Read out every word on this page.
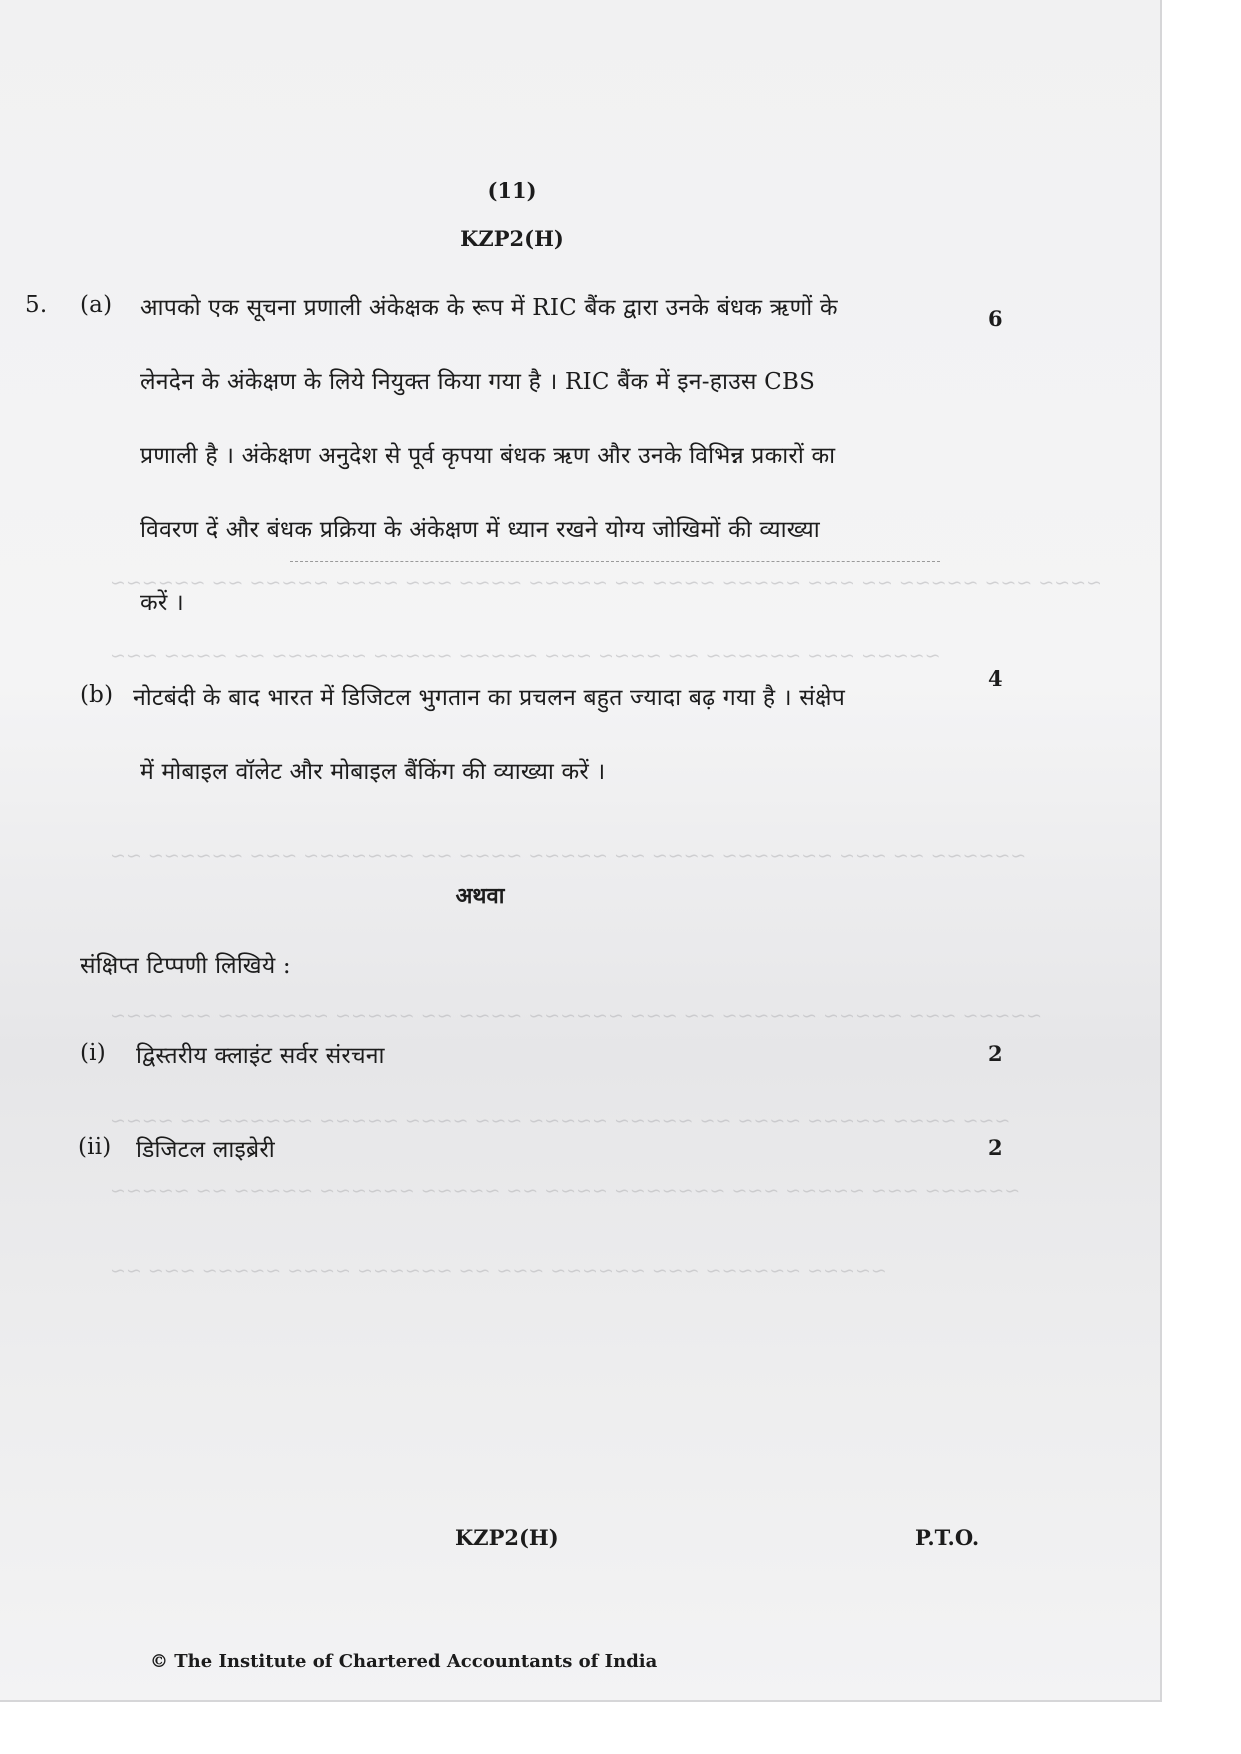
~~~~ ~~~ ~~~~~ ~~ ~~~ ~~~~~ ~~~~ ~~ ~~~~~ ~~~~ ~~~ ~~~~ ~~~~~ ~~ ~~~~~~
~~~~~ ~~~ ~~~~~~ ~~ ~~~~ ~~~ ~~~~~ ~~~~~ ~~~~~~ ~~ ~~~~ ~~~
~~~~~~ ~~ ~~~ ~~~~~~~ ~~~~ ~~ ~~~~~ ~~~~ ~~ ~~~~~~~ ~~~ ~~~~~~ ~~
~~~~~ ~~~ ~~~~~ ~~~~~~ ~~ ~~~ ~~~~~~ ~~~~ ~~ ~~~~~ ~~~~~~~ ~~ ~~~~
~~~ ~~~~ ~~~~~ ~~~~ ~~ ~~~~~ ~~~~~ ~~~ ~~~~ ~~~~~ ~~~~~~ ~~ ~~~~
~~~~~~ ~~~ ~~~~~ ~~~ ~~~~~~~ ~~~~ ~~ ~~~~~ ~~~~~~ ~~~~~ ~~ ~~~~~
~~~~~ ~~~~~~ ~~~ ~~~~~~ ~~~ ~~ ~~~~~~ ~~~~ ~~~~~ ~~~ ~~
(11)
KZP2(H)
5. (a) आपको एक सूचना प्रणाली अंकेक्षक के रूप में RIC बैंक द्वारा उनके बंधक ऋणों के
लेनदेन के अंकेक्षण के लिये नियुक्त किया गया है । RIC बैंक में इन-हाउस CBS
प्रणाली है । अंकेक्षण अनुदेश से पूर्व कृपया बंधक ऋण और उनके विभिन्न प्रकारों का
विवरण दें और बंधक प्रक्रिया के अंकेक्षण में ध्यान रखने योग्य जोखिमों की व्याख्या
करें ।
6
(b) नोटबंदी के बाद भारत में डिजिटल भुगतान का प्रचलन बहुत ज्यादा बढ़ गया है । संक्षेप
में मोबाइल वॉलेट और मोबाइल बैंकिंग की व्याख्या करें ।
4
अथवा
संक्षिप्त टिप्पणी लिखिये :
(i) द्विस्तरीय क्लाइंट सर्वर संरचना	2
(ii) डिजिटल लाइब्रेरी	2
KZP2(H)	P.T.O.
© The Institute of Chartered Accountants of India
